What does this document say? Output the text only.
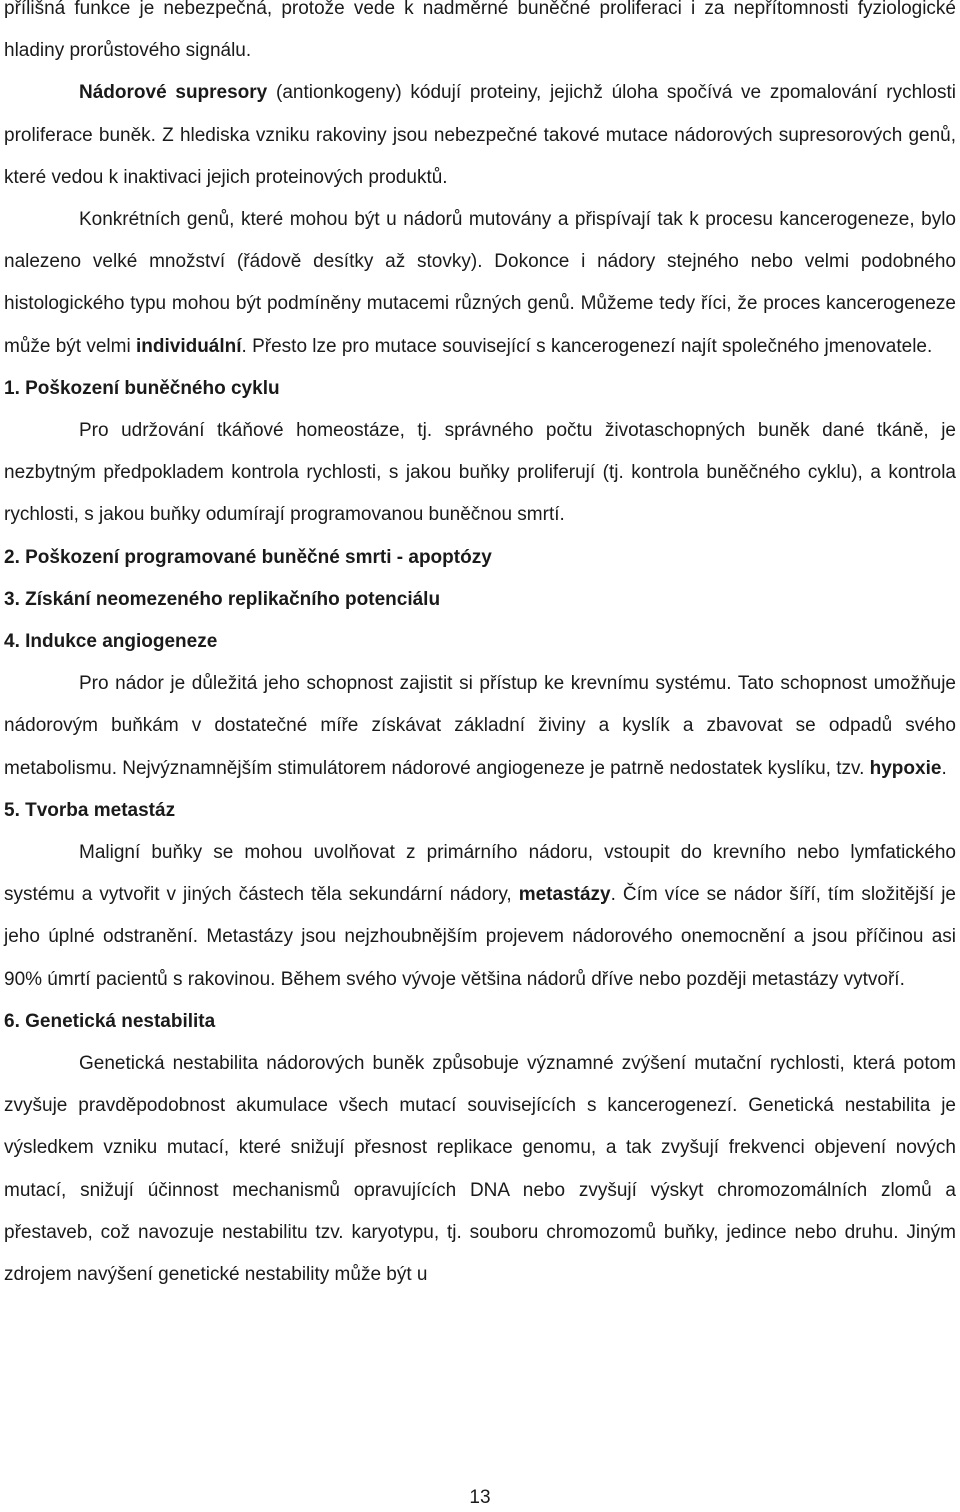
přílišná funkce je nebezpečná, protože vede k nadměrné buněčné proliferaci i za nepřítomnosti fyziologické hladiny prorůstového signálu.

Nádorové supresory (antionkogeny) kódují proteiny, jejichž úloha spočívá ve zpomalování rychlosti proliferace buněk. Z hlediska vzniku rakoviny jsou nebezpečné takové mutace nádorových supresorových genů, které vedou k inaktivaci jejich proteinových produktů.

Konkrétních genů, které mohou být u nádorů mutovány a přispívají tak k procesu kancerogeneze, bylo nalezeno velké množství (řádově desítky až stovky). Dokonce i nádory stejného nebo velmi podobného histologického typu mohou být podmíněny mutacemi různých genů. Můžeme tedy říci, že proces kancerogeneze může být velmi individuální. Přesto lze pro mutace související s kancerogenezí najít společného jmenovatele.

1. Poškození buněčného cyklu

Pro udržování tkáňové homeostáze, tj. správného počtu životaschopných buněk dané tkáně, je nezbytným předpokladem kontrola rychlosti, s jakou buňky proliferují (tj. kontrola buněčného cyklu), a kontrola rychlosti, s jakou buňky odumírají programovanou buněčnou smrtí.

2. Poškození programované buněčné smrti - apoptózy

3. Získání neomezeného replikačního potenciálu

4. Indukce angiogeneze

Pro nádor je důležitá jeho schopnost zajistit si přístup ke krevnímu systému. Tato schopnost umožňuje nádorovým buňkám v dostatečné míře získávat základní živiny a kyslík a zbavovat se odpadů svého metabolismu. Nejvýznamnějším stimulátorem nádorové angiogeneze je patrně nedostatek kyslíku, tzv. hypoxie.

5. Tvorba metastáz

Maligní buňky se mohou uvolňovat z primárního nádoru, vstoupit do krevního nebo lymfatického systému a vytvořit v jiných částech těla sekundární nádory, metastázy. Čím více se nádor šíří, tím složitější je jeho úplné odstranění. Metastázy jsou nejzhoubnějším projevem nádorového onemocnění a jsou příčinou asi 90% úmrtí pacientů s rakovinou. Během svého vývoje většina nádorů dříve nebo později metastázy vytvoří.

6. Genetická nestabilita

Genetická nestabilita nádorových buněk způsobuje významné zvýšení mutační rychlosti, která potom zvyšuje pravděpodobnost akumulace všech mutací souvisejících s kancerogenezí. Genetická nestabilita je výsledkem vzniku mutací, které snižují přesnost replikace genomu, a tak zvyšují frekvenci objevení nových mutací, snižují účinnost mechanismů opravujících DNA nebo zvyšují výskyt chromozomálních zlomů a přestaveb, což navozuje nestabilitu tzv. karyotypu, tj. souboru chromozomů buňky, jedince nebo druhu. Jiným zdrojem navýšení genetické nestability může být u

13
